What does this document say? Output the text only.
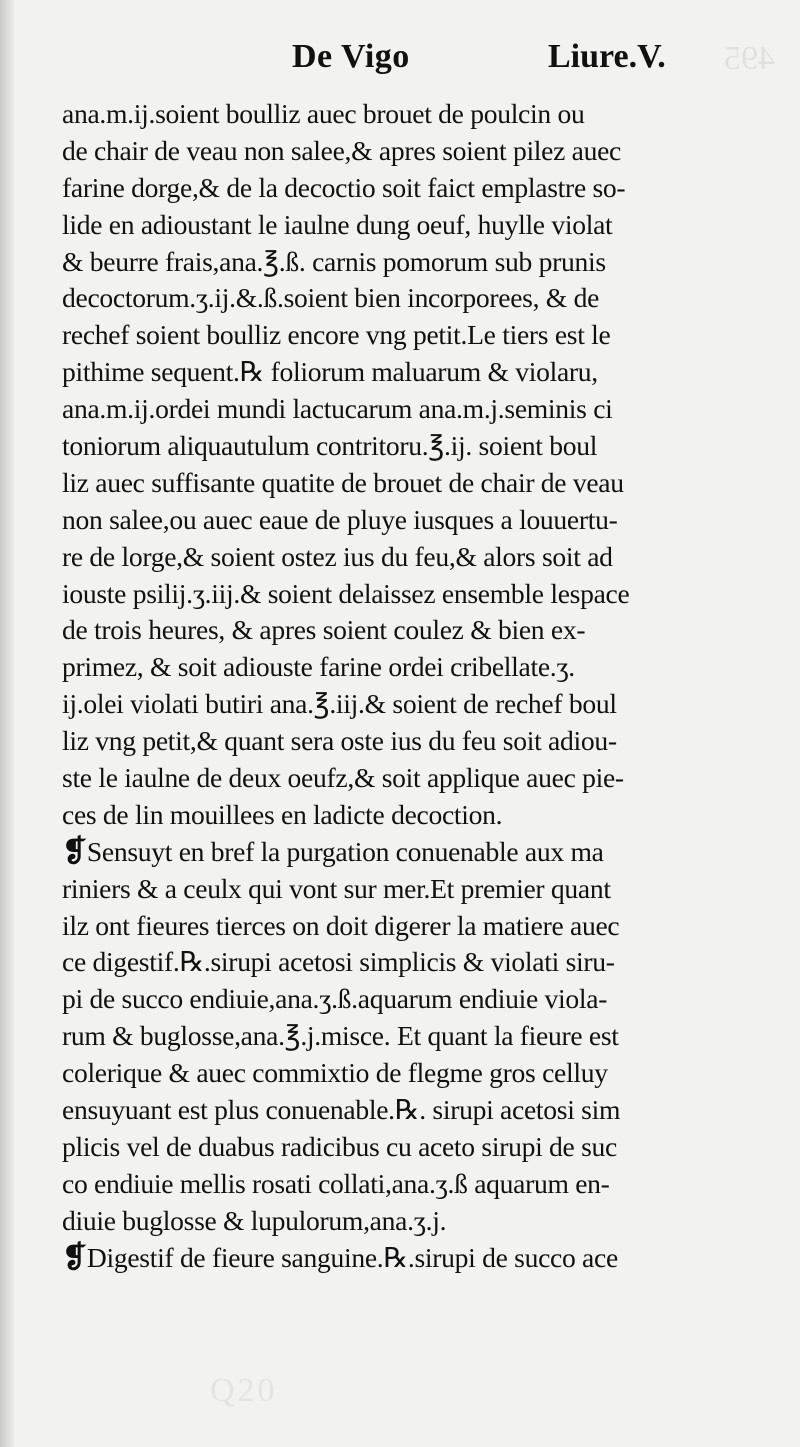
495
Q20
De Vigo	Liure.V.
ana.m.ij.soient boulliz auec brouet de poulcin ou
de chair de veau non salee,& apres soient pilez auec
farine dorge,& de la decoctio soit faict emplastre so-
lide en adioustant le iaulne dung oeuf, huylle violat
& beurre frais,ana.℥.ß. carnis pomorum sub prunis
decoctorum.ʒ.ij.&.ß.soient bien incorporees, & de
rechef soient boulliz encore vng petit.Le tiers est le
pithime sequent.℞ foliorum maluarum & violaru,
ana.m.ij.ordei mundi lactucarum ana.m.j.seminis ci
toniorum aliquautulum contritoru.℥.ij. soient boul
liz auec suffisante quatite de brouet de chair de veau
non salee,ou auec eaue de pluye iusques a louuertu-
re de lorge,& soient ostez ius du feu,& alors soit ad
iouste psilij.ʒ.iij.& soient delaissez ensemble lespace
de trois heures, & apres soient coulez & bien ex-
primez, & soit adiouste farine ordei cribellate.ʒ.
ij.olei violati butiri ana.℥.iij.& soient de rechef boul
liz vng petit,& quant sera oste ius du feu soit adiou-
ste le iaulne de deux oeufz,& soit applique auec pie-
ces de lin mouillees en ladicte decoction.
❡Sensuyt en bref la purgation conuenable aux ma
riniers & a ceulx qui vont sur mer.Et premier quant
ilz ont fieures tierces on doit digerer la matiere auec
ce digestif.℞.sirupi acetosi simplicis & violati siru-
pi de succo endiuie,ana.ʒ.ß.aquarum endiuie viola-
rum & buglosse,ana.℥.j.misce. Et quant la fieure est
colerique & auec commixtio de flegme gros celluy
ensuyuant est plus conuenable.℞. sirupi acetosi sim
plicis vel de duabus radicibus cu aceto sirupi de suc
co endiuie mellis rosati collati,ana.ʒ.ß aquarum en-
diuie buglosse & lupulorum,ana.ʒ.j.
❡Digestif de fieure sanguine.℞.sirupi de succo ace
